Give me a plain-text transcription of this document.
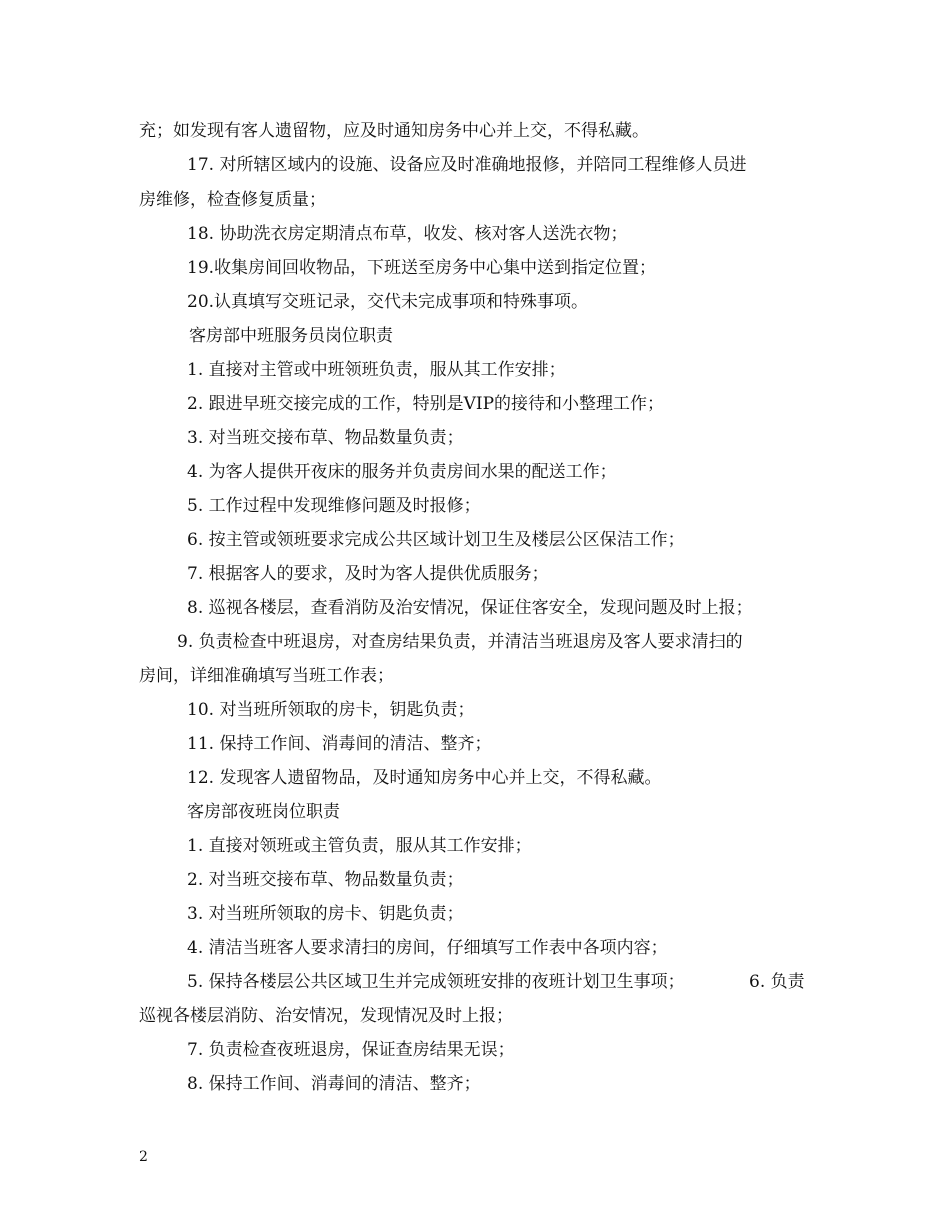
充；如发现有客人遗留物，应及时通知房务中心并上交，不得私藏。
17. 对所辖区域内的设施、设备应及时准确地报修，并陪同工程维修人员进
房维修，检查修复质量；
18. 协助洗衣房定期清点布草，收发、核对客人送洗衣物；
19.收集房间回收物品，下班送至房务中心集中送到指定位置；
20.认真填写交班记录，交代未完成事项和特殊事项。
客房部中班服务员岗位职责
1. 直接对主管或中班领班负责，服从其工作安排；
2. 跟进早班交接完成的工作，特别是VIP的接待和小整理工作；
3. 对当班交接布草、物品数量负责；
4. 为客人提供开夜床的服务并负责房间水果的配送工作；
5. 工作过程中发现维修问题及时报修；
6. 按主管或领班要求完成公共区域计划卫生及楼层公区保洁工作；
7. 根据客人的要求，及时为客人提供优质服务；
8. 巡视各楼层，查看消防及治安情况，保证住客安全，发现问题及时上报；
9. 负责检查中班退房，对查房结果负责，并清洁当班退房及客人要求清扫的
房间，详细准确填写当班工作表；
10. 对当班所领取的房卡，钥匙负责；
11. 保持工作间、消毒间的清洁、整齐；
12. 发现客人遗留物品，及时通知房务中心并上交，不得私藏。
客房部夜班岗位职责
1. 直接对领班或主管负责，服从其工作安排；
2. 对当班交接布草、物品数量负责；
3. 对当班所领取的房卡、钥匙负责；
4. 清洁当班客人要求清扫的房间，仔细填写工作表中各项内容；
5. 保持各楼层公共区域卫生并完成领班安排的夜班计划卫生事项；	6. 负责
巡视各楼层消防、治安情况，发现情况及时上报；
7. 负责检查夜班退房，保证查房结果无误；
8. 保持工作间、消毒间的清洁、整齐；
2
